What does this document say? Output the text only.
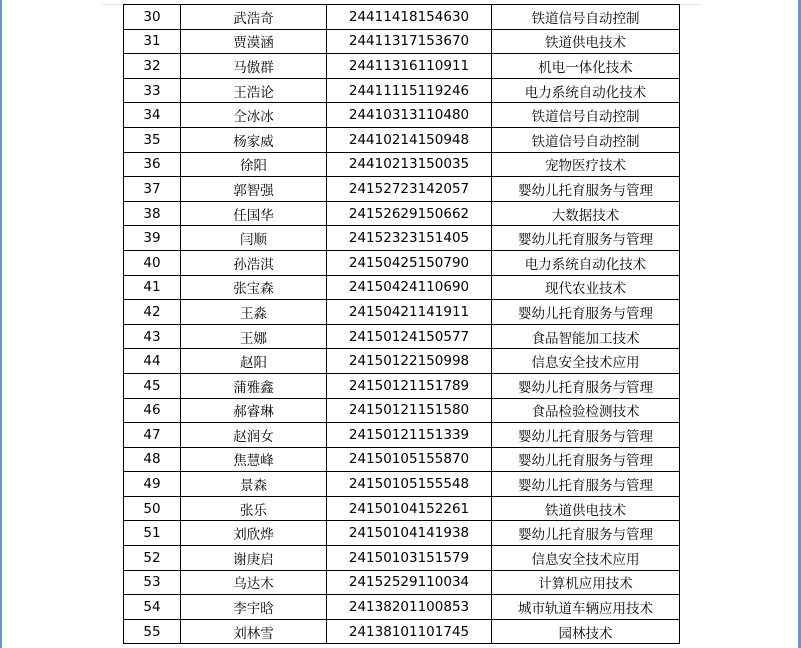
30	武浩奇	24411418154630	铁道信号自动控制
31	贾漠涵	24411317153670	铁道供电技术
32	马傲群	24411316110911	机电一体化技术
33	王浩论	24411115119246	电力系统自动化技术
34	仝冰冰	24410313110480	铁道信号自动控制
35	杨家威	24410214150948	铁道信号自动控制
36	徐阳	24410213150035	宠物医疗技术
37	郭智强	24152723142057	婴幼儿托育服务与管理
38	任国华	24152629150662	大数据技术
39	闫顺	24152323151405	婴幼儿托育服务与管理
40	孙浩淇	24150425150790	电力系统自动化技术
41	张宝森	24150424110690	现代农业技术
42	王淼	24150421141911	婴幼儿托育服务与管理
43	王娜	24150124150577	食品智能加工技术
44	赵阳	24150122150998	信息安全技术应用
45	蒲雅鑫	24150121151789	婴幼儿托育服务与管理
46	郝睿琳	24150121151580	食品检验检测技术
47	赵润女	24150121151339	婴幼儿托育服务与管理
48	焦慧峰	24150105155870	婴幼儿托育服务与管理
49	景森	24150105155548	婴幼儿托育服务与管理
50	张乐	24150104152261	铁道供电技术
51	刘欣烨	24150104141938	婴幼儿托育服务与管理
52	谢庚启	24150103151579	信息安全技术应用
53	乌达木	24152529110034	计算机应用技术
54	李宇晗	24138201100853	城市轨道车辆应用技术
55	刘林雪	24138101101745	园林技术
